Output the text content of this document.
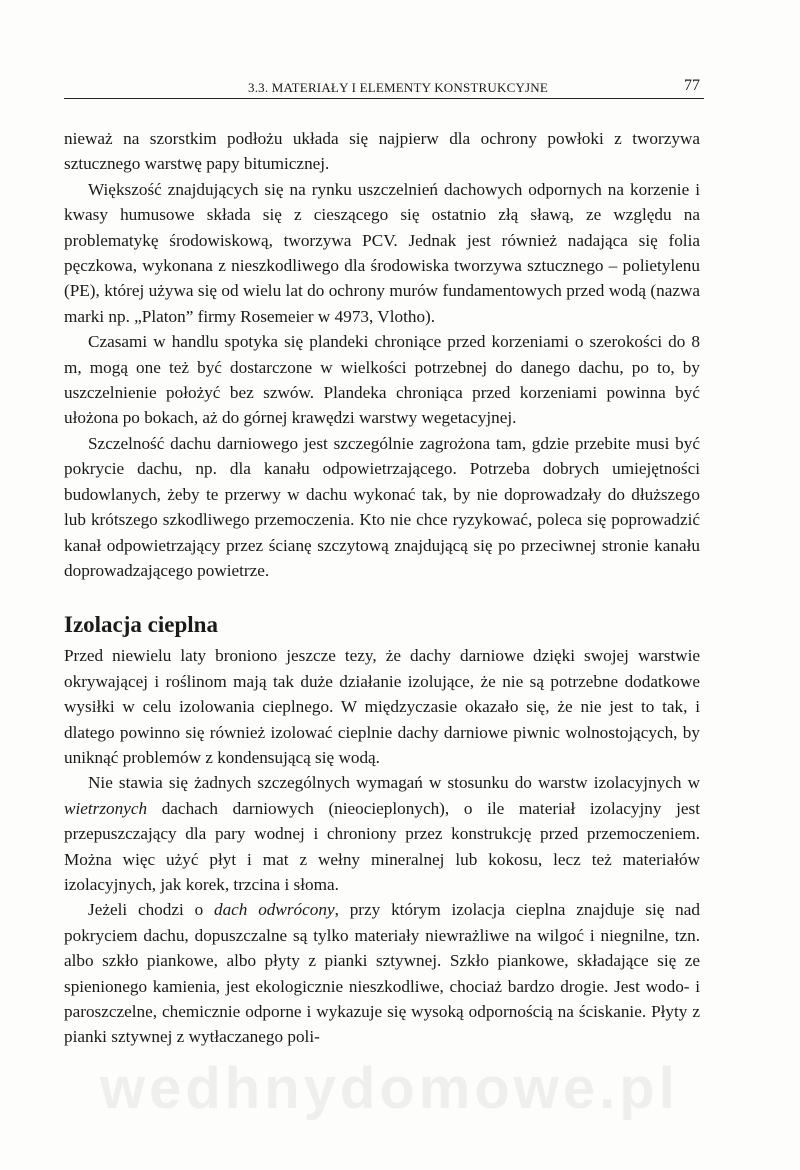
3.3. MATERIAŁY I ELEMENTY KONSTRUKCYJNE	77

nieważ na szorstkim podłożu układa się najpierw dla ochrony powłoki z tworzywa sztucznego warstwę papy bitumicznej.

Większość znajdujących się na rynku uszczelnień dachowych odpornych na korzenie i kwasy humusowe składa się z cieszącego się ostatnio złą sławą, ze względu na problematykę środowiskową, tworzywa PCV. Jednak jest również nadająca się folia pęczkowa, wykonana z nieszkodliwego dla środowiska tworzywa sztucznego – polietylenu (PE), której używa się od wielu lat do ochrony murów fundamentowych przed wodą (nazwa marki np. „Platon” firmy Rosemeier w 4973, Vlotho).

Czasami w handlu spotyka się plandeki chroniące przed korzeniami o szerokości do 8 m, mogą one też być dostarczone w wielkości potrzebnej do danego dachu, po to, by uszczelnienie położyć bez szwów. Plandeka chroniąca przed korzeniami powinna być ułożona po bokach, aż do górnej krawędzi warstwy wegetacyjnej.

Szczelność dachu darniowego jest szczególnie zagrożona tam, gdzie przebite musi być pokrycie dachu, np. dla kanału odpowietrzającego. Potrzeba dobrych umiejętności budowlanych, żeby te przerwy w dachu wykonać tak, by nie doprowadzały do dłuższego lub krótszego szkodliwego przemoczenia. Kto nie chce ryzykować, poleca się poprowadzić kanał odpowietrzający przez ścianę szczytową znajdującą się po przeciwnej stronie kanału doprowadzającego powietrze.

Izolacja cieplna

Przed niewielu laty broniono jeszcze tezy, że dachy darniowe dzięki swojej warstwie okrywającej i roślinom mają tak duże działanie izolujące, że nie są potrzebne dodatkowe wysiłki w celu izolowania cieplnego. W międzyczasie okazało się, że nie jest to tak, i dlatego powinno się również izolować cieplnie dachy darniowe piwnic wolnostojących, by uniknąć problemów z kondensującą się wodą.

Nie stawia się żadnych szczególnych wymagań w stosunku do warstw izolacyjnych w wietrzonych dachach darniowych (nieocieplonych), o ile materiał izolacyjny jest przepuszczający dla pary wodnej i chroniony przez konstrukcję przed przemoczeniem. Można więc użyć płyt i mat z wełny mineralnej lub kokosu, lecz też materiałów izolacyjnych, jak korek, trzcina i słoma.

Jeżeli chodzi o dach odwrócony, przy którym izolacja cieplna znajduje się nad pokryciem dachu, dopuszczalne są tylko materiały niewrażliwe na wilgoć i niegnilne, tzn. albo szkło piankowe, albo płyty z pianki sztywnej. Szkło piankowe, składające się ze spienionego kamienia, jest ekologicznie nieszkodliwe, chociaż bardzo drogie. Jest wodo- i paroszczelne, chemicznie odporne i wykazuje się wysoką odpornością na ściskanie. Płyty z pianki sztywnej z wytłaczanego poli-

wedhnydomowe.pl
